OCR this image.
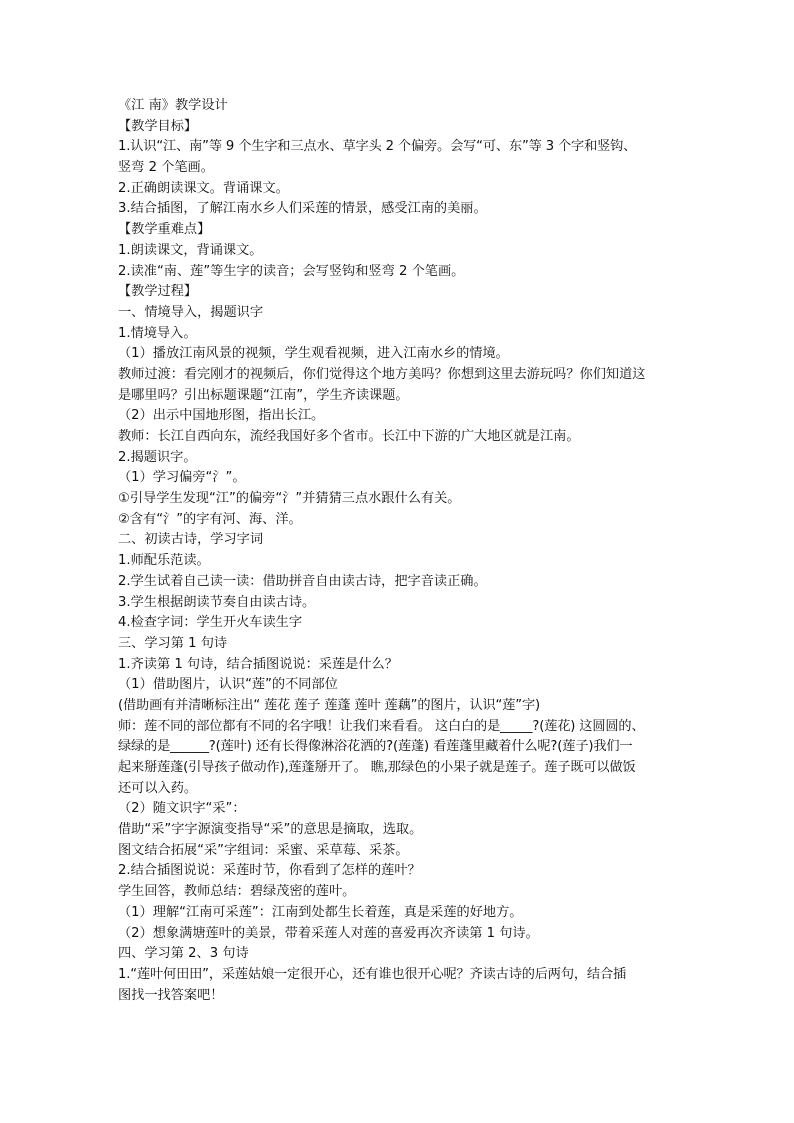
《江 南》教学设计
【教学目标】
1.认识“江、南”等 9 个生字和三点水、草字头 2 个偏旁。会写“可、东”等 3 个字和竖钩、
竖弯 2 个笔画。
2.正确朗读课文。背诵课文。
3.结合插图，了解江南水乡人们采莲的情景，感受江南的美丽。
【教学重难点】
1.朗读课文，背诵课文。
2.读准“南、莲”等生字的读音；会写竖钩和竖弯 2 个笔画。
【教学过程】
一、情境导入，揭题识字
1.情境导入。
（1）播放江南风景的视频，学生观看视频，进入江南水乡的情境。
教师过渡：看完刚才的视频后，你们觉得这个地方美吗？你想到这里去游玩吗？你们知道这
是哪里吗？引出标题课题“江南”，学生齐读课题。
（2）出示中国地形图，指出长江。
教师：长江自西向东，流经我国好多个省市。长江中下游的广大地区就是江南。
2.揭题识字。
（1）学习偏旁“氵”。
①引导学生发现“江”的偏旁“氵”并猜猜三点水跟什么有关。
②含有“氵”的字有河、海、洋。
二、初读古诗，学习字词
1.师配乐范读。
2.学生试着自己读一读：借助拼音自由读古诗，把字音读正确。
3.学生根据朗读节奏自由读古诗。
4.检查字词：学生开火车读生字
三、学习第 1 句诗
1.齐读第 1 句诗，结合插图说说：采莲是什么？
（1）借助图片，认识“莲”的不同部位
(借助画有并清晰标注出“ 莲花 莲子 莲蓬 莲叶 莲藕”的图片，认识“莲”字)
师：莲不同的部位都有不同的名字哦！让我们来看看。 这白白的是_____?(莲花) 这圆圆的、
绿绿的是______?(莲叶) 还有长得像淋浴花洒的?(莲蓬) 看莲蓬里藏着什么呢?(莲子)我们一
起来掰莲蓬(引导孩子做动作),莲蓬掰开了。 瞧,那绿色的小果子就是莲子。莲子既可以做饭
还可以入药。
（2）随文识字“采”：
借助“采”字字源演变指导“采”的意思是摘取，选取。
图文结合拓展“采”字组词：采蜜、采草莓、采茶。
2.结合插图说说：采莲时节，你看到了怎样的莲叶？
学生回答，教师总结：碧绿茂密的莲叶。
（1）理解“江南可采莲”：江南到处都生长着莲，真是采莲的好地方。
（2）想象满塘莲叶的美景，带着采莲人对莲的喜爱再次齐读第 1 句诗。
四、学习第 2、3 句诗
1.“莲叶何田田”，采莲姑娘一定很开心，还有谁也很开心呢？齐读古诗的后两句，结合插
图找一找答案吧！
